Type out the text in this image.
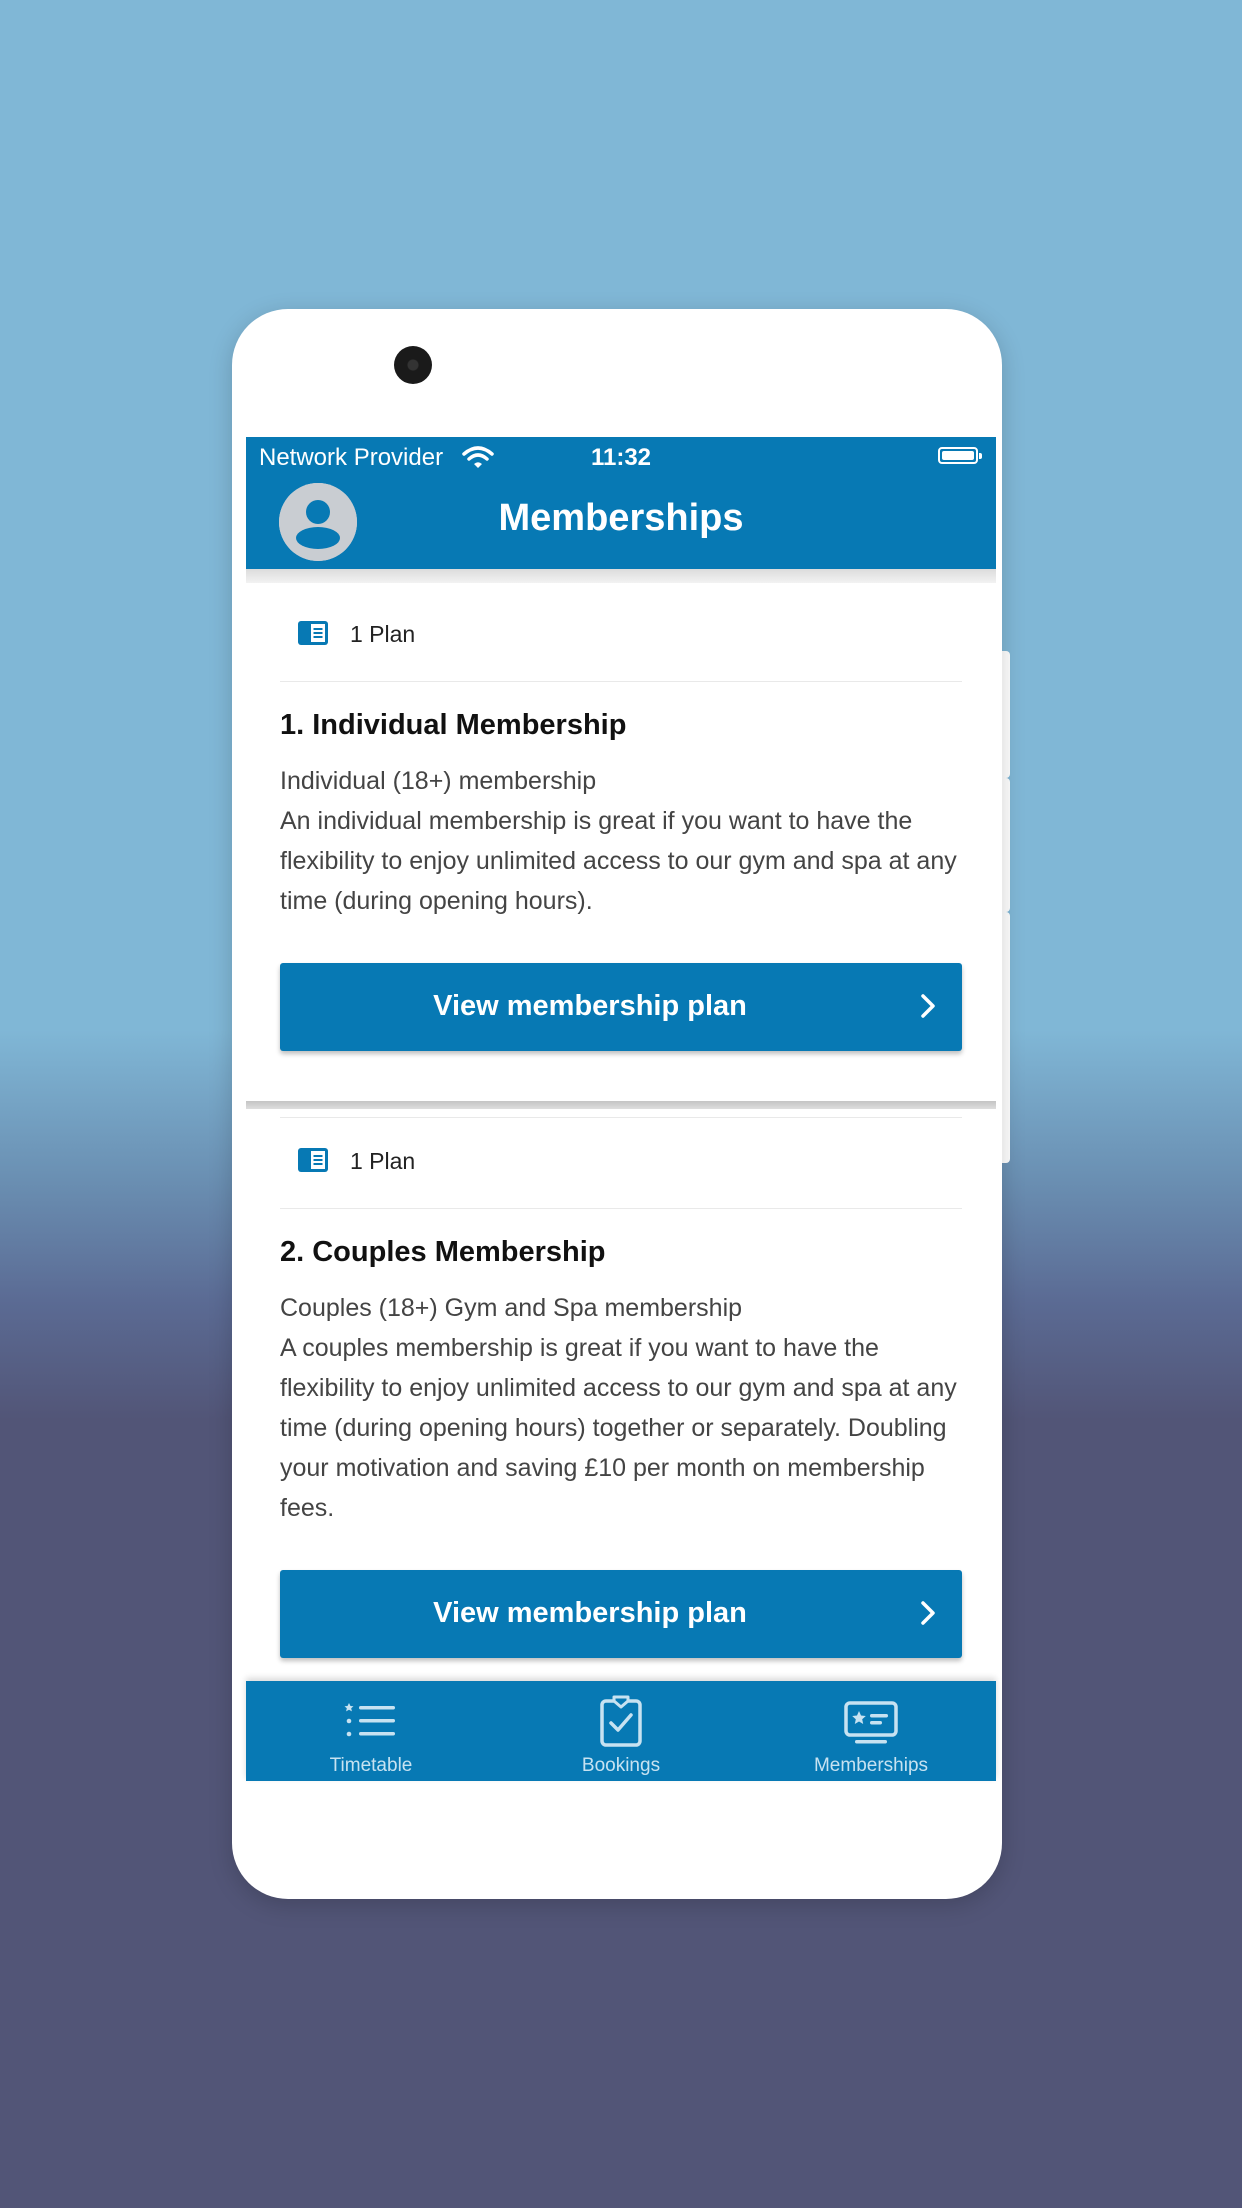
Network Provider	11:32
Memberships
1 Plan
1. Individual Membership
Individual (18+) membership
An individual membership is great if you want to have the flexibility to enjoy unlimited access to our gym and spa at any time (during opening hours).
View membership plan
1 Plan
2. Couples Membership
Couples (18+) Gym and Spa membership
A couples membership is great if you want to have the flexibility to enjoy unlimited access to our gym and spa at any time (during opening hours) together or separately. Doubling your motivation and saving £10 per month on membership fees.
View membership plan
Timetable	Bookings	Memberships
